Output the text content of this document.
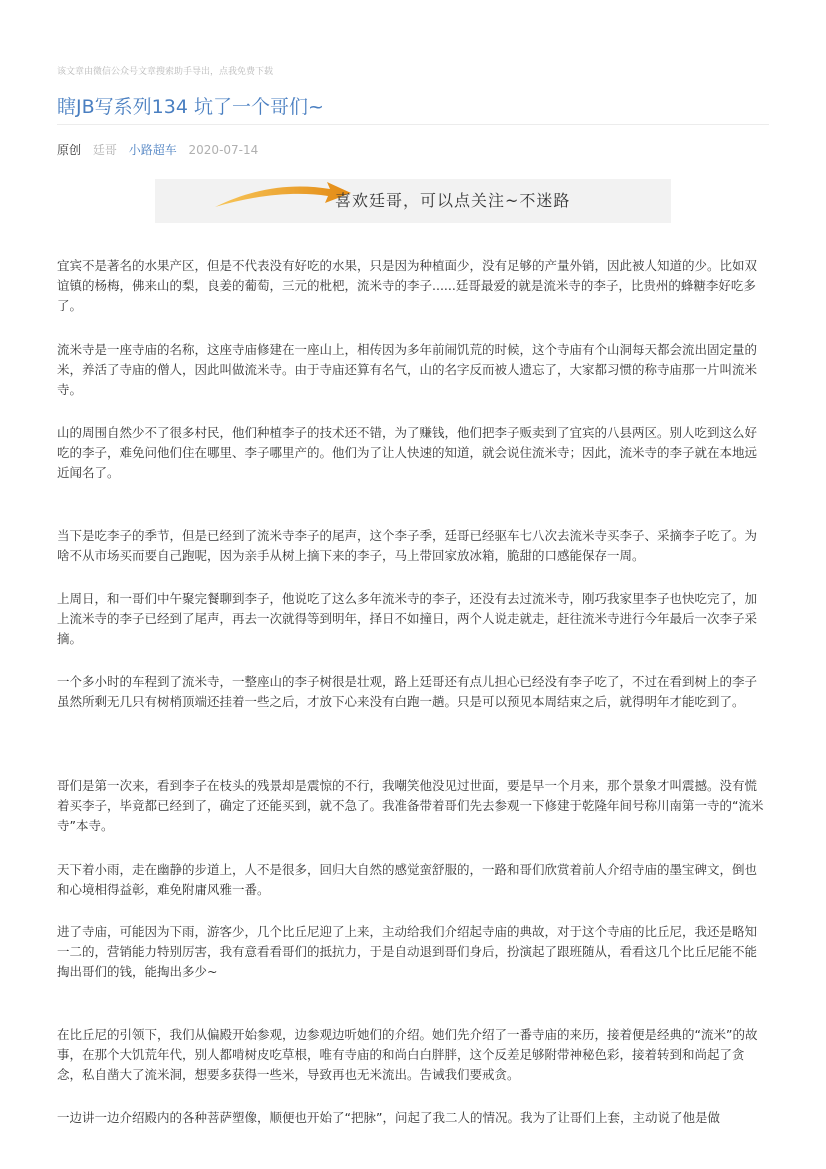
该文章由微信公众号文章搜索助手导出，点我免费下载
瞎JB写系列134 坑了一个哥们~
原创 廷哥 小路超车 2020-07-14
喜欢廷哥，可以点关注~不迷路

宜宾不是著名的水果产区，但是不代表没有好吃的水果，只是因为种植面少，没有足够的产量外销，因此被人知道的少。比如双谊镇的杨梅，佛来山的梨，良姜的葡萄，三元的枇杷，流米寺的李子......廷哥最爱的就是流米寺的李子，比贵州的蜂糖李好吃多了。

流米寺是一座寺庙的名称，这座寺庙修建在一座山上，相传因为多年前闹饥荒的时候，这个寺庙有个山洞每天都会流出固定量的米，养活了寺庙的僧人，因此叫做流米寺。由于寺庙还算有名气，山的名字反而被人遗忘了，大家都习惯的称寺庙那一片叫流米寺。

山的周围自然少不了很多村民，他们种植李子的技术还不错，为了赚钱，他们把李子贩卖到了宜宾的八县两区。别人吃到这么好吃的李子，难免问他们住在哪里、李子哪里产的。他们为了让人快速的知道，就会说住流米寺；因此，流米寺的李子就在本地远近闻名了。

当下是吃李子的季节，但是已经到了流米寺李子的尾声，这个李子季，廷哥已经驱车七八次去流米寺买李子、采摘李子吃了。为啥不从市场买而要自己跑呢，因为亲手从树上摘下来的李子，马上带回家放冰箱，脆甜的口感能保存一周。

上周日，和一哥们中午聚完餐聊到李子，他说吃了这么多年流米寺的李子，还没有去过流米寺，刚巧我家里李子也快吃完了，加上流米寺的李子已经到了尾声，再去一次就得等到明年，择日不如撞日，两个人说走就走，赶往流米寺进行今年最后一次李子采摘。

一个多小时的车程到了流米寺，一整座山的李子树很是壮观，路上廷哥还有点儿担心已经没有李子吃了，不过在看到树上的李子虽然所剩无几只有树梢顶端还挂着一些之后，才放下心来没有白跑一趟。只是可以预见本周结束之后，就得明年才能吃到了。

哥们是第一次来，看到李子在枝头的残景却是震惊的不行，我嘲笑他没见过世面，要是早一个月来，那个景象才叫震撼。没有慌着买李子，毕竟都已经到了，确定了还能买到，就不急了。我准备带着哥们先去参观一下修建于乾隆年间号称川南第一寺的“流米寺”本寺。

天下着小雨，走在幽静的步道上，人不是很多，回归大自然的感觉蛮舒服的，一路和哥们欣赏着前人介绍寺庙的墨宝碑文，倒也和心境相得益彰，难免附庸风雅一番。

进了寺庙，可能因为下雨，游客少，几个比丘尼迎了上来，主动给我们介绍起寺庙的典故，对于这个寺庙的比丘尼，我还是略知一二的，营销能力特别厉害，我有意看看哥们的抵抗力，于是自动退到哥们身后，扮演起了跟班随从，看看这几个比丘尼能不能掏出哥们的钱，能掏出多少~

在比丘尼的引领下，我们从偏殿开始参观，边参观边听她们的介绍。她们先介绍了一番寺庙的来历，接着便是经典的“流米”的故事，在那个大饥荒年代，别人都啃树皮吃草根，唯有寺庙的和尚白白胖胖，这个反差足够附带神秘色彩，接着转到和尚起了贪念，私自凿大了流米洞，想要多获得一些米，导致再也无米流出。告诫我们要戒贪。

一边讲一边介绍殿内的各种菩萨塑像，顺便也开始了“把脉”，问起了我二人的情况。我为了让哥们上套，主动说了他是做
